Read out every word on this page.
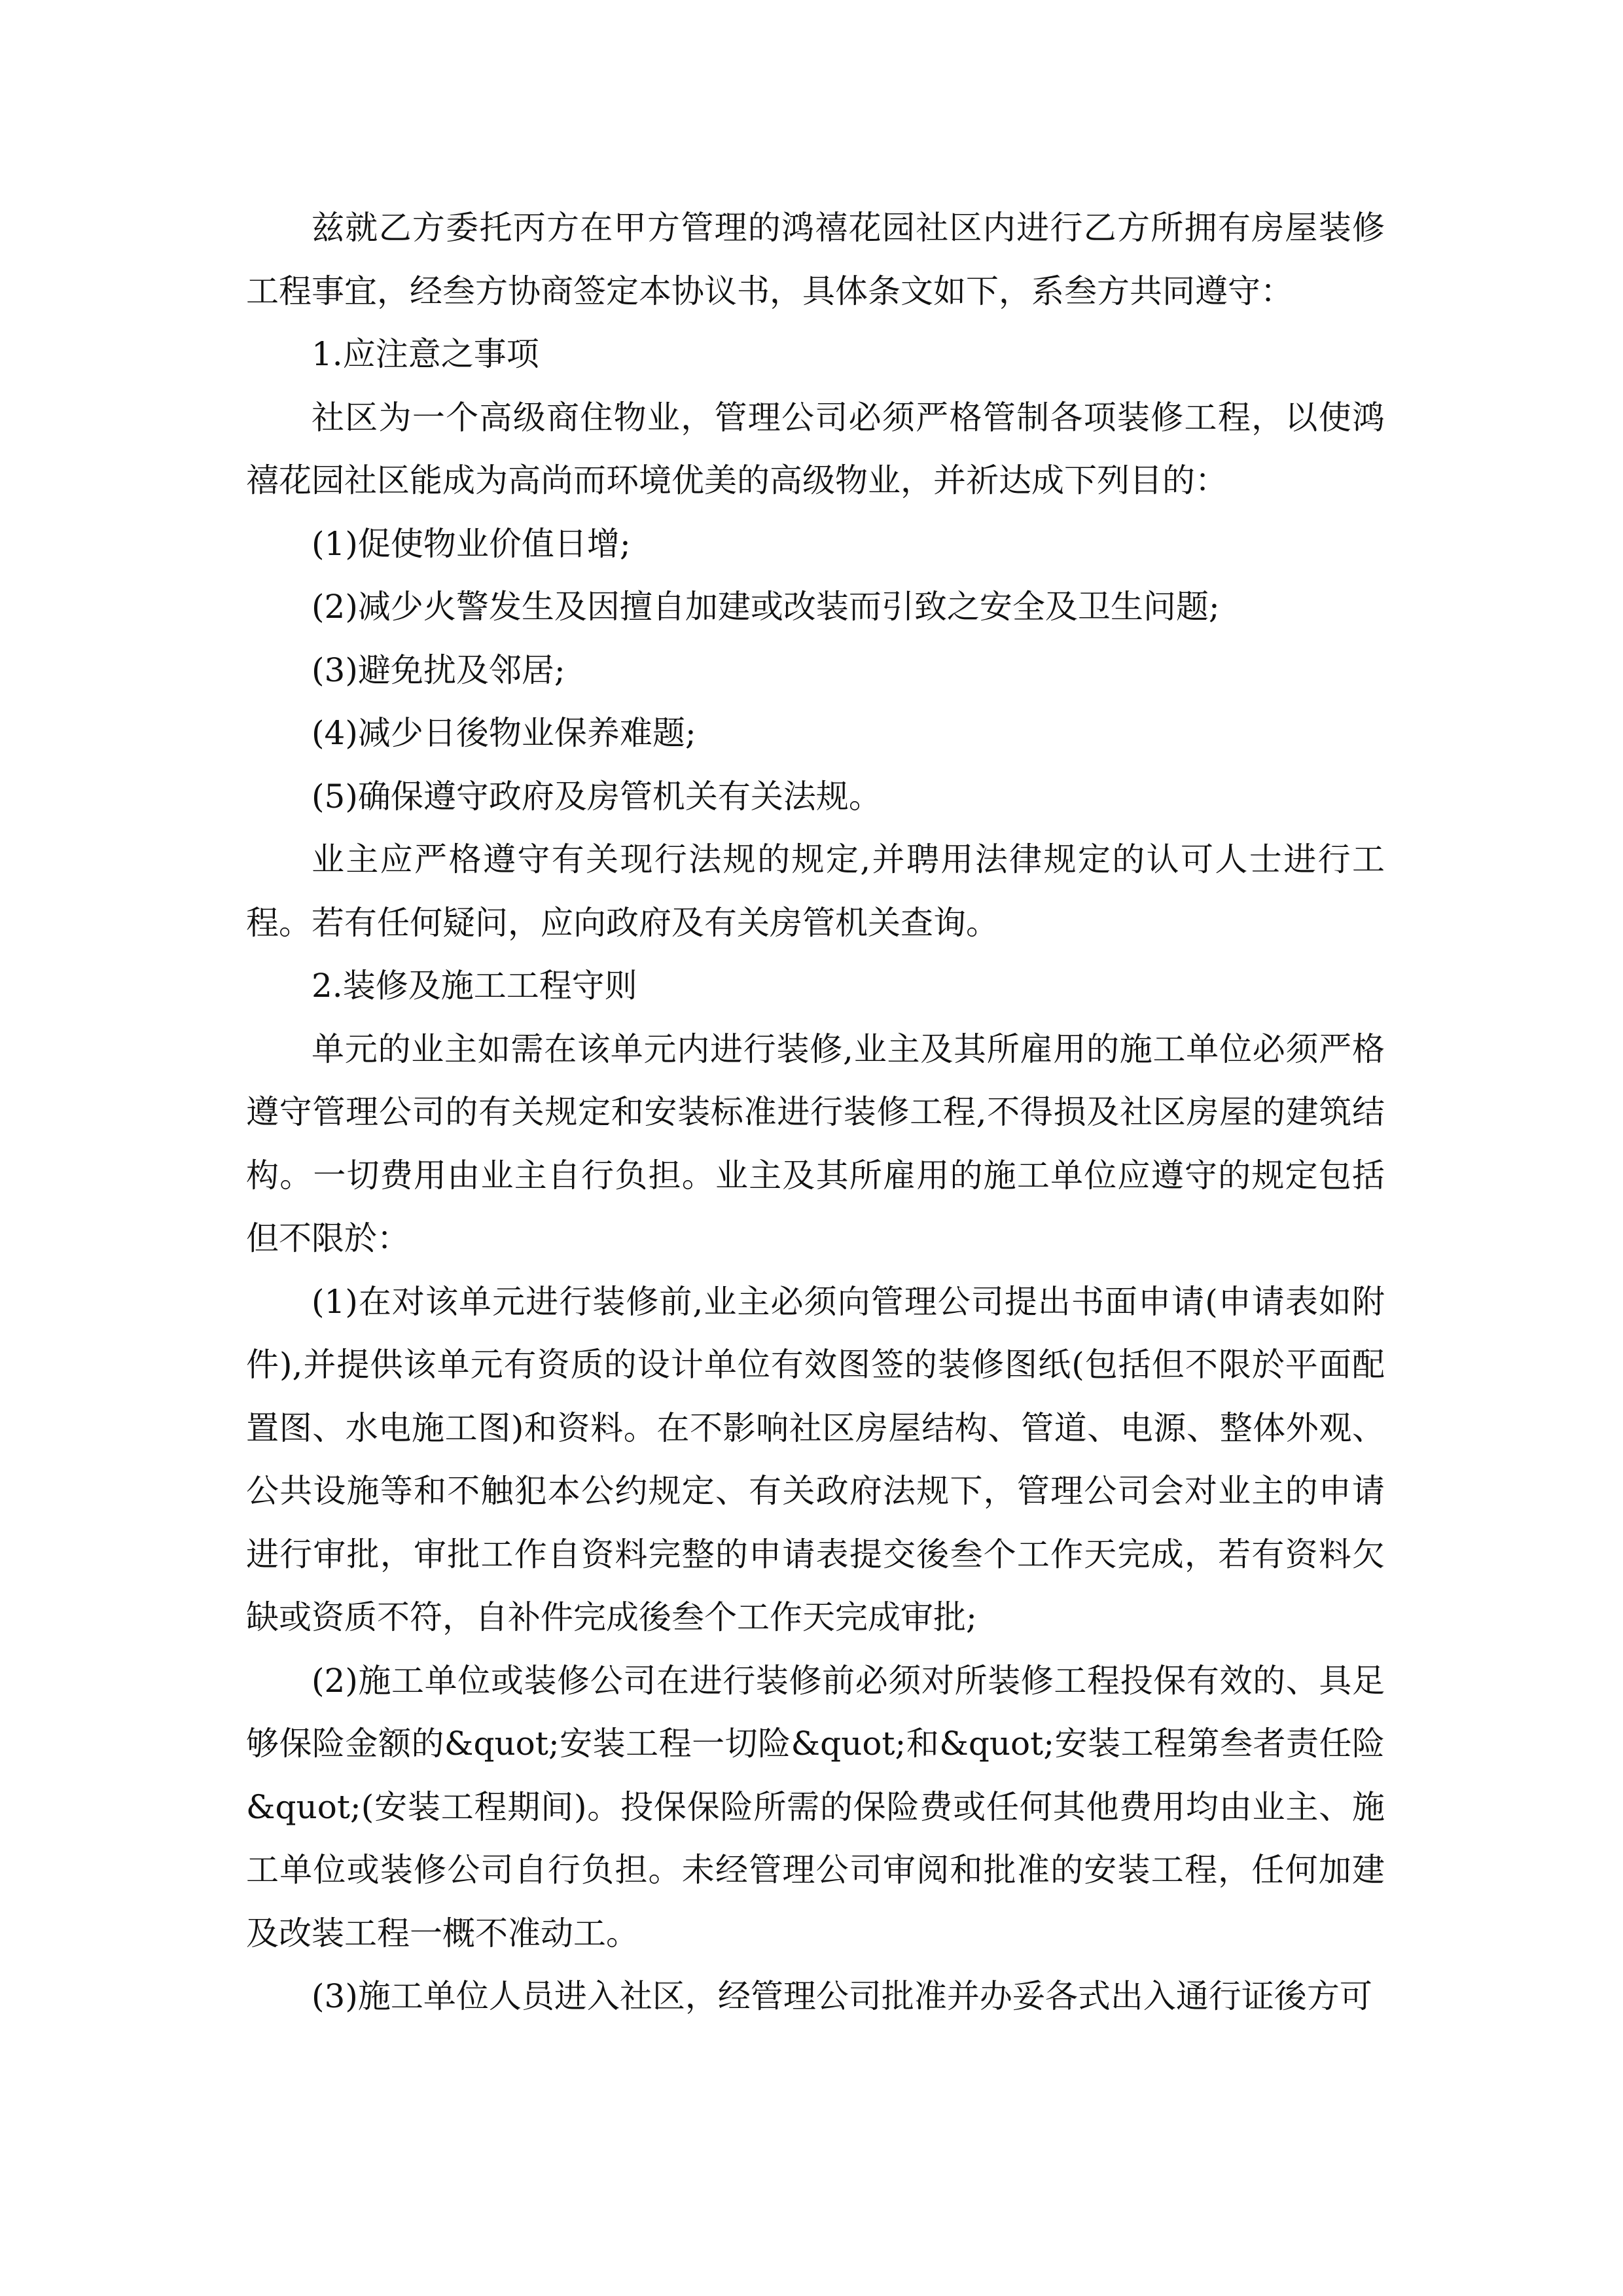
兹就乙方委托丙方在甲方管理的鸿禧花园社区内进行乙方所拥有房屋装修工程事宜，经叁方协商签定本协议书，具体条文如下，系叁方共同遵守：

1.应注意之事项

社区为一个高级商住物业，管理公司必须严格管制各项装修工程，以使鸿禧花园社区能成为高尚而环境优美的高级物业，并祈达成下列目的：

(1)促使物业价值日增;

(2)减少火警发生及因擅自加建或改装而引致之安全及卫生问题;

(3)避免扰及邻居;

(4)减少日後物业保养难题;

(5)确保遵守政府及房管机关有关法规。

业主应严格遵守有关现行法规的规定,并聘用法律规定的认可人士进行工程。若有任何疑问，应向政府及有关房管机关查询。

2.装修及施工工程守则

单元的业主如需在该单元内进行装修,业主及其所雇用的施工单位必须严格遵守管理公司的有关规定和安装标准进行装修工程,不得损及社区房屋的建筑结构。一切费用由业主自行负担。业主及其所雇用的施工单位应遵守的规定包括但不限於：

(1)在对该单元进行装修前,业主必须向管理公司提出书面申请(申请表如附件),并提供该单元有资质的设计单位有效图签的装修图纸(包括但不限於平面配置图、水电施工图)和资料。在不影响社区房屋结构、管道、电源、整体外观、公共设施等和不触犯本公约规定、有关政府法规下，管理公司会对业主的申请进行审批，审批工作自资料完整的申请表提交後叁个工作天完成，若有资料欠缺或资质不符，自补件完成後叁个工作天完成审批;

(2)施工单位或装修公司在进行装修前必须对所装修工程投保有效的、具足够保险金额的&quot;安装工程一切险&quot;和&quot;安装工程第叁者责任险&quot;(安装工程期间)。投保保险所需的保险费或任何其他费用均由业主、施工单位或装修公司自行负担。未经管理公司审阅和批准的安装工程，任何加建及改装工程一概不准动工。

(3)施工单位人员进入社区，经管理公司批准并办妥各式出入通行证後方可
